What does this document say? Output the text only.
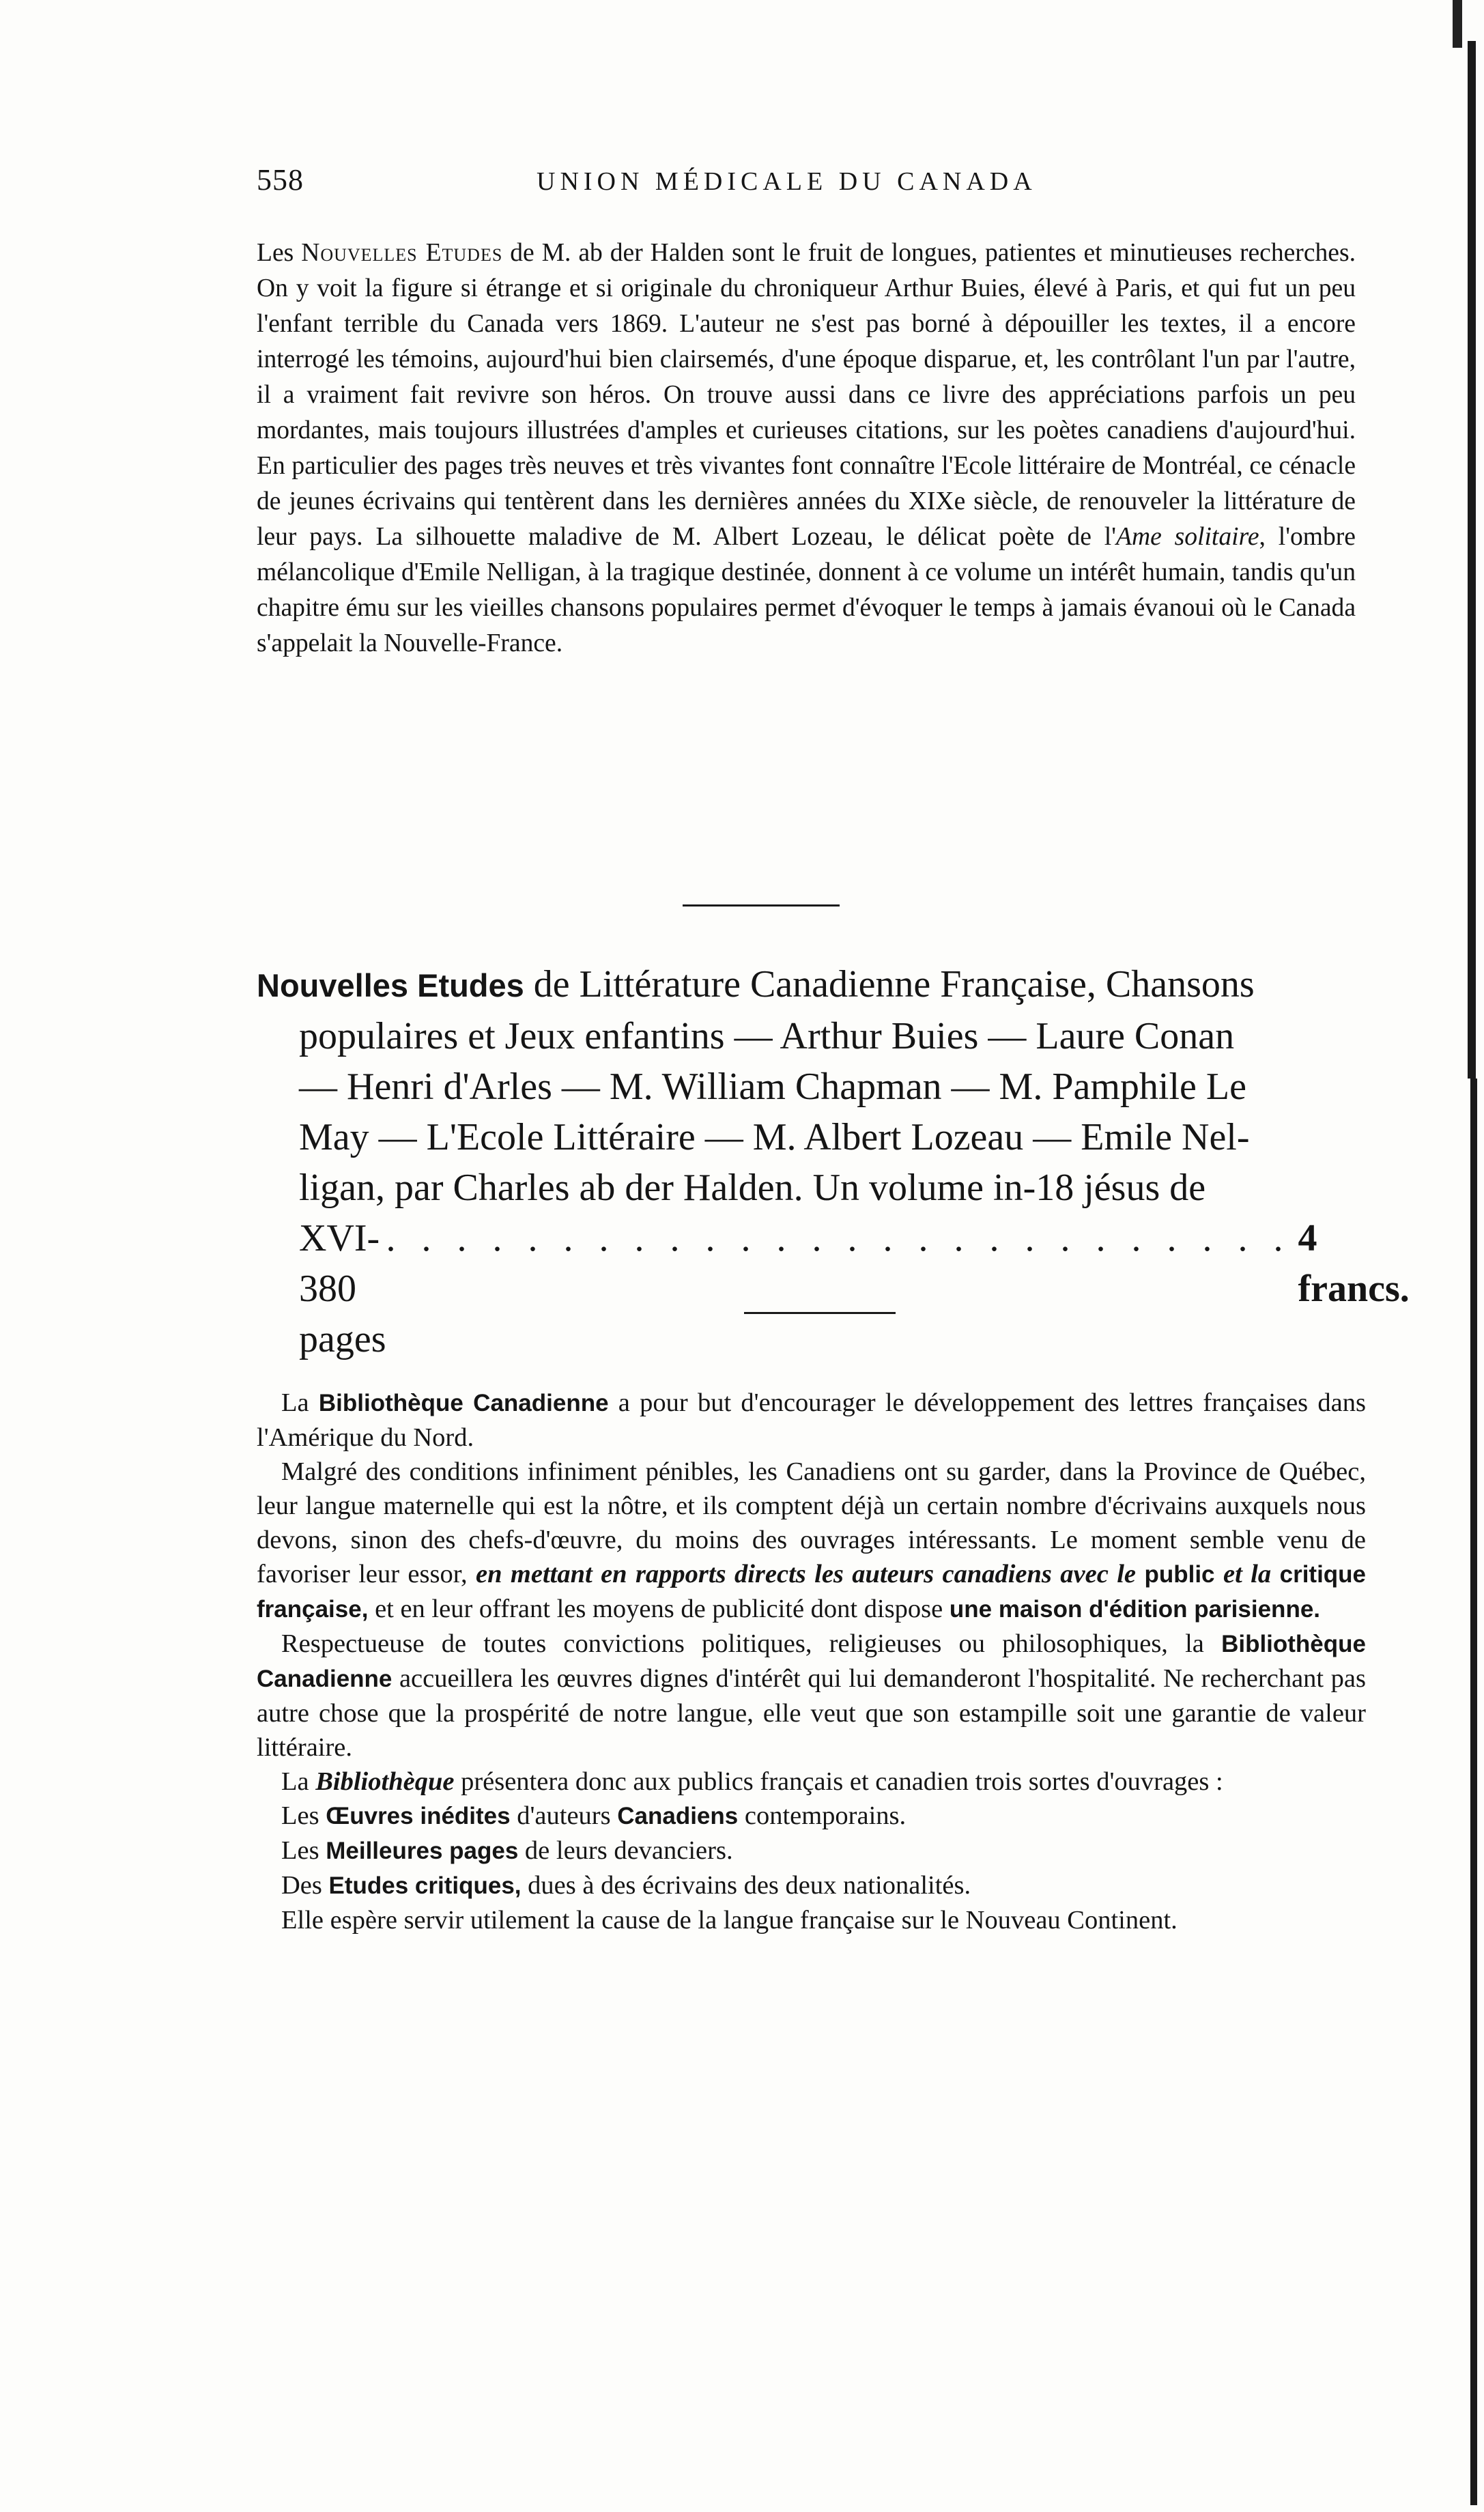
558	UNION MÉDICALE DU CANADA

Les Nouvelles Etudes de M. ab der Halden sont le fruit de longues, patientes et minutieuses recherches. On y voit la figure si étrange et si originale du chroniqueur Arthur Buies, élevé à Paris, et qui fut un peu l'enfant terrible du Canada vers 1869. L'auteur ne s'est pas borné à dépouiller les textes, il a encore interrogé les témoins, aujourd'hui bien clairsemés, d'une époque disparue, et, les contrôlant l'un par l'autre, il a vraiment fait revivre son héros. On trouve aussi dans ce livre des appréciations parfois un peu mordantes, mais toujours illustrées d'amples et curieuses citations, sur les poètes canadiens d'aujourd'hui. En particulier des pages très neuves et très vivantes font connaître l'Ecole littéraire de Montréal, ce cénacle de jeunes écrivains qui tentèrent dans les dernières années du XIXe siècle, de renouveler la littérature de leur pays. La silhouette maladive de M. Albert Lozeau, le délicat poète de l'Ame solitaire, l'ombre mélancolique d'Emile Nelligan, à la tragique destinée, donnent à ce volume un intérêt humain, tandis qu'un chapitre ému sur les vieilles chansons populaires permet d'évoquer le temps à jamais évanoui où le Canada s'appelait la Nouvelle-France.

Nouvelles Etudes de Littérature Canadienne Française, Chansons

populaires et Jeux enfantins — Arthur Buies — Laure Conan

— Henri d'Arles — M. William Chapman — M. Pamphile Le

May — L'Ecole Littéraire — M. Albert Lozeau — Emile Nel-

ligan, par Charles ab der Halden. Un volume in-18 jésus de

XVI-380 pages
. . . . . . . . . . . . . . . . . . . . . . . . . . 4 francs.

La Bibliothèque Canadienne a pour but d'encourager le développement des lettres françaises dans l'Amérique du Nord.

Malgré des conditions infiniment pénibles, les Canadiens ont su garder, dans la Province de Québec, leur langue maternelle qui est la nôtre, et ils comptent déjà un certain nombre d'écrivains auxquels nous devons, sinon des chefs-d'œuvre, du moins des ouvrages intéressants. Le moment semble venu de favoriser leur essor, en mettant en rapports directs les auteurs canadiens avec le public et la critique française, et en leur offrant les moyens de publicité dont dispose une maison d'édition parisienne.

Respectueuse de toutes convictions politiques, religieuses ou philosophiques, la Bibliothèque Canadienne accueillera les œuvres dignes d'intérêt qui lui demanderont l'hospitalité. Ne recherchant pas autre chose que la prospérité de notre langue, elle veut que son estampille soit une garantie de valeur littéraire.

La Bibliothèque présentera donc aux publics français et canadien trois sortes d'ouvrages :

Les Œuvres inédites d'auteurs Canadiens contemporains.
Les Meilleures pages de leurs devanciers.
Des Etudes critiques, dues à des écrivains des deux nationalités.

Elle espère servir utilement la cause de la langue française sur le Nouveau Continent.
